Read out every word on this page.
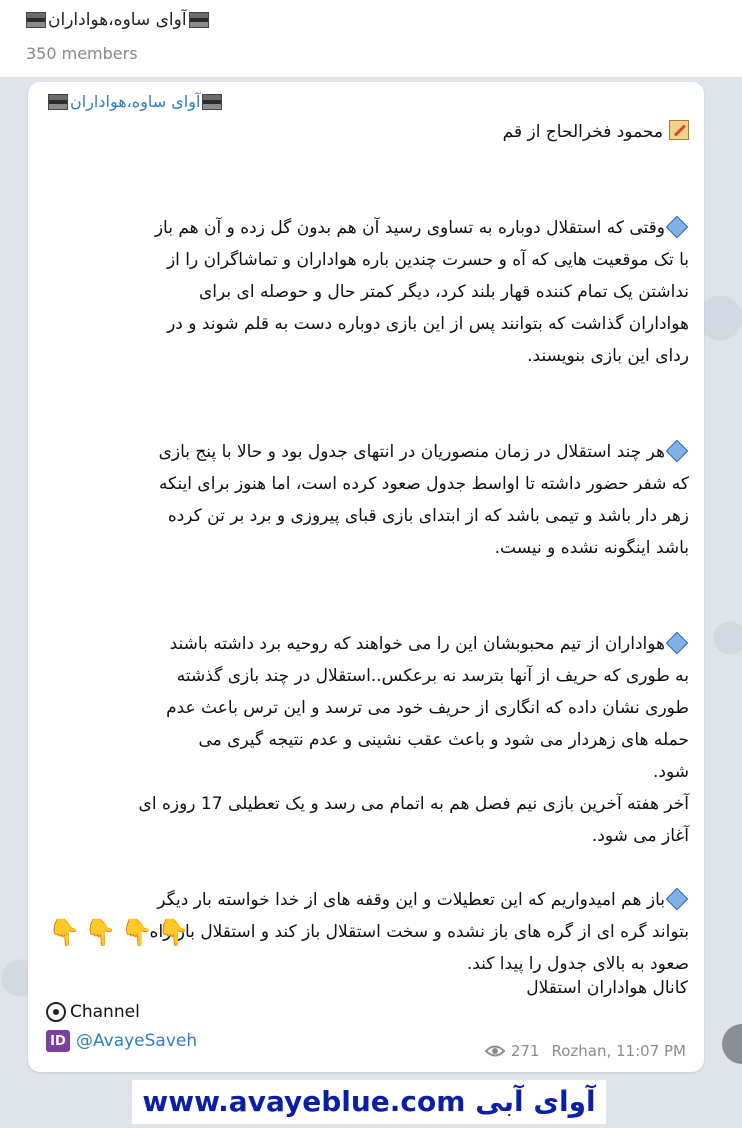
آوای ساوه،هواداران
350 members
آوای ساوه،هواداران
محمود فخرالحاج از قم
وقتی که استقلال دوباره به تساوی رسید آن هم بدون گل زده و آن هم باز
با تک موقعیت هایی که آه و حسرت چندین باره هواداران و تماشاگران را از
نداشتن یک تمام کننده قهار بلند کرد، دیگر کمتر حال و حوصله ای برای
هواداران گذاشت که بتوانند پس از این بازی دوباره دست به قلم شوند و در
ردای این بازی بنویسند.
هر چند استقلال در زمان منصوریان در انتهای جدول بود و حالا با پنج بازی
که شفر حضور داشته تا اواسط جدول صعود کرده است، اما هنوز برای اینکه
زهر دار باشد و تیمی باشد که از ابتدای بازی قبای پیروزی و برد بر تن کرده
باشد اینگونه نشده و نیست.
هواداران از تیم محبوبشان این را می خواهند که روحیه برد داشته باشند
به طوری که حریف از آنها بترسد نه برعکس..استقلال در چند بازی گذشته
طوری نشان داده که انگاری از حریف خود می ترسد و این ترس باعث عدم
حمله های زهردار می شود و باعث عقب نشینی و عدم نتیجه گیری می
شود.
آخر هفته آخرین بازی نیم فصل هم به اتمام می رسد و یک تعطیلی 17 روزه ای
آغاز می شود.
باز هم امیدواریم که این تعطیلات و این وقفه های از خدا خواسته بار دیگر
بتواند گره ای از گره های باز نشده و سخت استقلال باز کند و استقلال باز راه
صعود به بالای جدول را پیدا کند.
👇👇👇👇
کانال هواداران استقلال
Channel
ID @AvayeSaveh	271 Rozhan, 11:07 PM
www.avayeblue.com آوای آبی
